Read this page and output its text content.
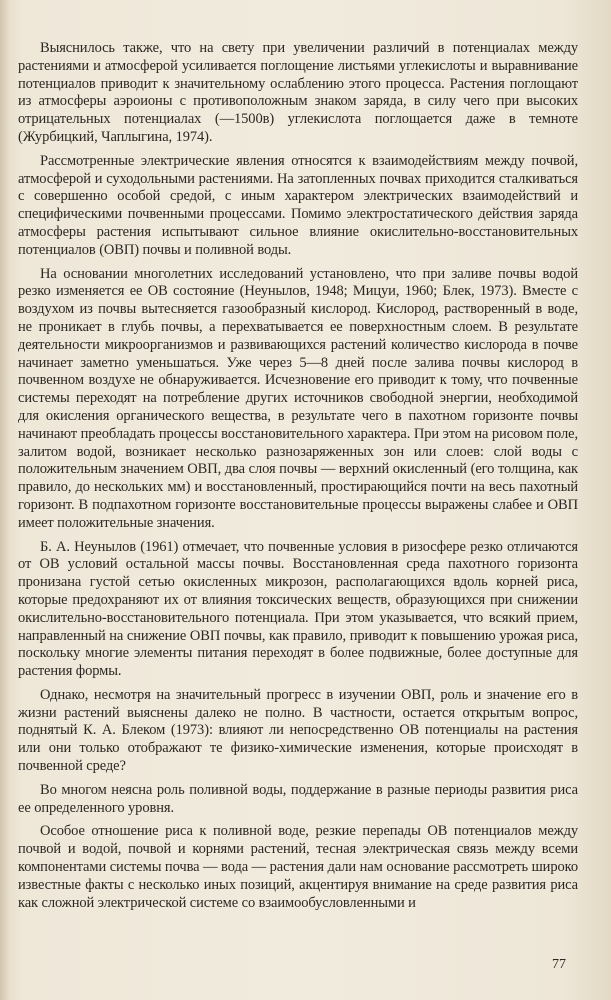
Выяснилось также, что на свету при увеличении различий в потенциалах между растениями и атмосферой усиливается поглощение листьями углекислоты и выравнивание потенциалов приводит к значительному ослаблению этого процесса. Растения поглощают из атмосферы аэроионы с противоположным знаком заряда, в силу чего при высоких отрицательных потенциалах (—1500в) углекислота поглощается даже в темноте (Журбицкий, Чаплыгина, 1974).

Рассмотренные электрические явления относятся к взаимодействиям между почвой, атмосферой и суходольными растениями. На затопленных почвах приходится сталкиваться с совершенно особой средой, с иным характером электрических взаимодействий и специфическими почвенными процессами. Помимо электростатического действия заряда атмосферы растения испытывают сильное влияние окислительно-восстановительных потенциалов (ОВП) почвы и поливной воды.

На основании многолетних исследований установлено, что при заливе почвы водой резко изменяется ее ОВ состояние (Неунылов, 1948; Мицуи, 1960; Блек, 1973). Вместе с воздухом из почвы вытесняется газообразный кислород. Кислород, растворенный в воде, не проникает в глубь почвы, а перехватывается ее поверхностным слоем. В результате деятельности микроорганизмов и развивающихся растений количество кислорода в почве начинает заметно уменьшаться. Уже через 5—8 дней после залива почвы кислород в почвенном воздухе не обнаруживается. Исчезновение его приводит к тому, что почвенные системы переходят на потребление других источников свободной энергии, необходимой для окисления органического вещества, в результате чего в пахотном горизонте почвы начинают преобладать процессы восстановительного характера. При этом на рисовом поле, залитом водой, возникает несколько разнозаряженных зон или слоев: слой воды с положительным значением ОВП, два слоя почвы — верхний окисленный (его толщина, как правило, до нескольких мм) и восстановленный, простирающийся почти на весь пахотный горизонт. В подпахотном горизонте восстановительные процессы выражены слабее и ОВП имеет положительные значения.

Б. А. Неунылов (1961) отмечает, что почвенные условия в ризосфере резко отличаются от ОВ условий остальной массы почвы. Восстановленная среда пахотного горизонта пронизана густой сетью окисленных микрозон, располагающихся вдоль корней риса, которые предохраняют их от влияния токсических веществ, образующихся при снижении окислительно-восстановительного потенциала. При этом указывается, что всякий прием, направленный на снижение ОВП почвы, как правило, приводит к повышению урожая риса, поскольку многие элементы питания переходят в более подвижные, более доступные для растения формы.

Однако, несмотря на значительный прогресс в изучении ОВП, роль и значение его в жизни растений выяснены далеко не полно. В частности, остается открытым вопрос, поднятый К. А. Блеком (1973): влияют ли непосредственно ОВ потенциалы на растения или они только отображают те физико-химические изменения, которые происходят в почвенной среде?

Во многом неясна роль поливной воды, поддержание в разные периоды развития риса ее определенного уровня.

Особое отношение риса к поливной воде, резкие перепады ОВ потенциалов между почвой и водой, почвой и корнями растений, тесная электрическая связь между всеми компонентами системы почва — вода — растения дали нам основание рассмотреть широко известные факты с несколько иных позиций, акцентируя внимание на среде развития риса как сложной электрической системе со взаимообусловленными и

77
